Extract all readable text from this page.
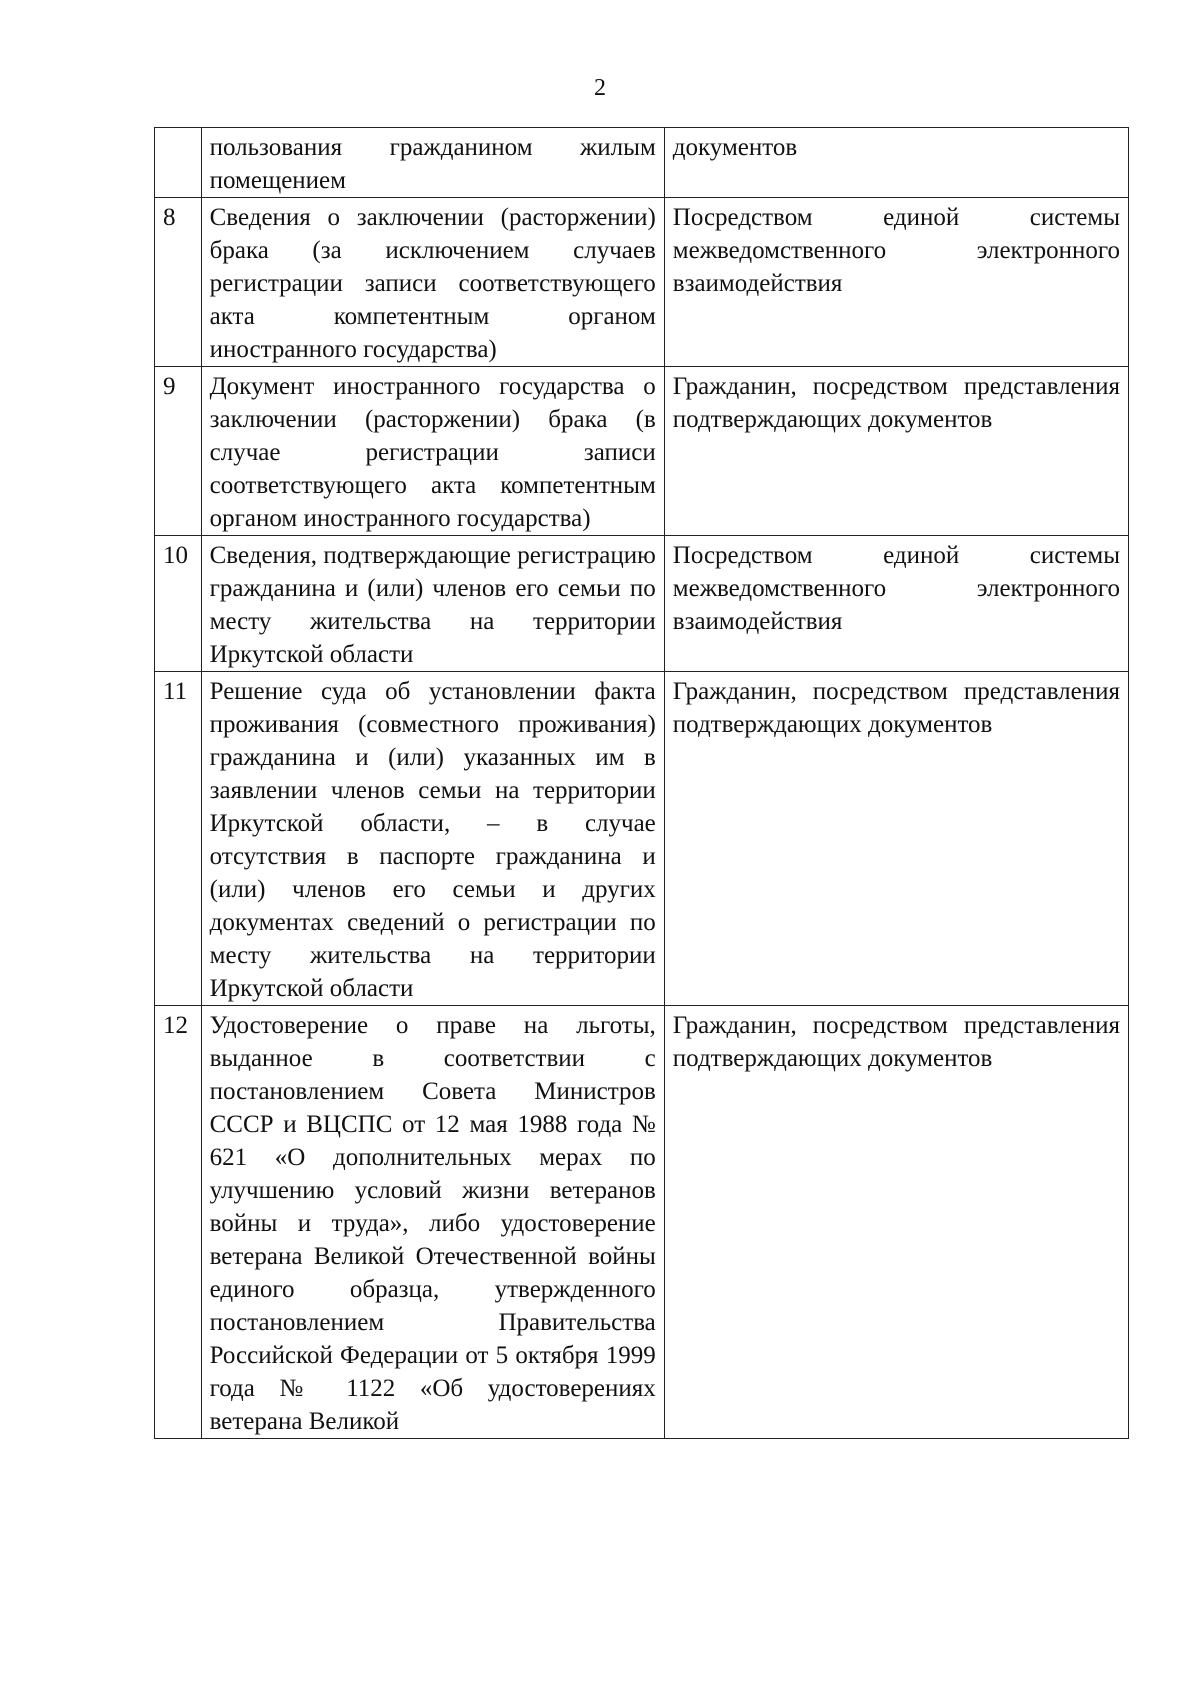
2
	пользования гражданином жилым помещением	документов
8	Сведения о заключении (расторжении) брака (за исключением случаев регистрации записи соответствующего акта компетентным органом иностранного государства)	Посредством единой системы межведомственного электронного взаимодействия
9	Документ иностранного государства о заключении (расторжении) брака (в случае регистрации записи соответствующего акта компетентным органом иностранного государства)	Гражданин, посредством представления подтверждающих документов
10	Сведения, подтверждающие регистрацию гражданина и (или) членов его семьи по месту жительства на территории Иркутской области	Посредством единой системы межведомственного электронного взаимодействия
11	Решение суда об установлении факта проживания (совместного проживания) гражданина и (или) указанных им в заявлении членов семьи на территории Иркутской области, – в случае отсутствия в паспорте гражданина и (или) членов его семьи и других документах сведений о регистрации по месту жительства на территории Иркутской области	Гражданин, посредством представления подтверждающих документов
12	Удостоверение о праве на льготы, выданное в соответствии с постановлением Совета Министров СССР и ВЦСПС от 12 мая 1988 года № 621 «О дополнительных мерах по улучшению условий жизни ветеранов войны и труда», либо удостоверение ветерана Великой Отечественной войны единого образца, утвержденного постановлением Правительства Российской Федерации от 5 октября 1999 года № 1122 «Об удостоверениях ветерана Великой	Гражданин, посредством представления подтверждающих документов
